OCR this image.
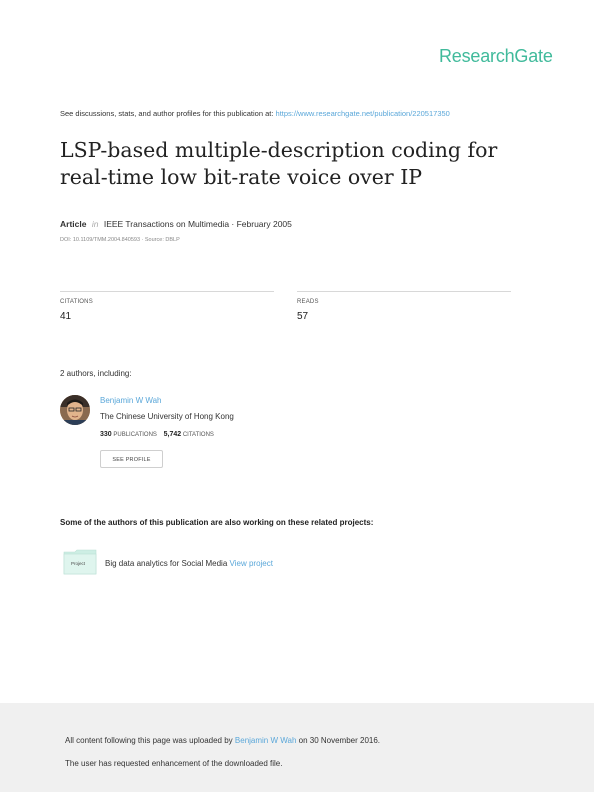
ResearchGate
See discussions, stats, and author profiles for this publication at: https://www.researchgate.net/publication/220517350
LSP-based multiple-description coding for real-time low bit-rate voice over IP
Article in IEEE Transactions on Multimedia · February 2005
DOI: 10.1109/TMM.2004.840593 · Source: DBLP
CITATIONS
41
READS
57
2 authors, including:
Benjamin W Wah
The Chinese University of Hong Kong
330 PUBLICATIONS 5,742 CITATIONS
SEE PROFILE
Some of the authors of this publication are also working on these related projects:
Project Big data analytics for Social Media View project
All content following this page was uploaded by Benjamin W Wah on 30 November 2016.
The user has requested enhancement of the downloaded file.
